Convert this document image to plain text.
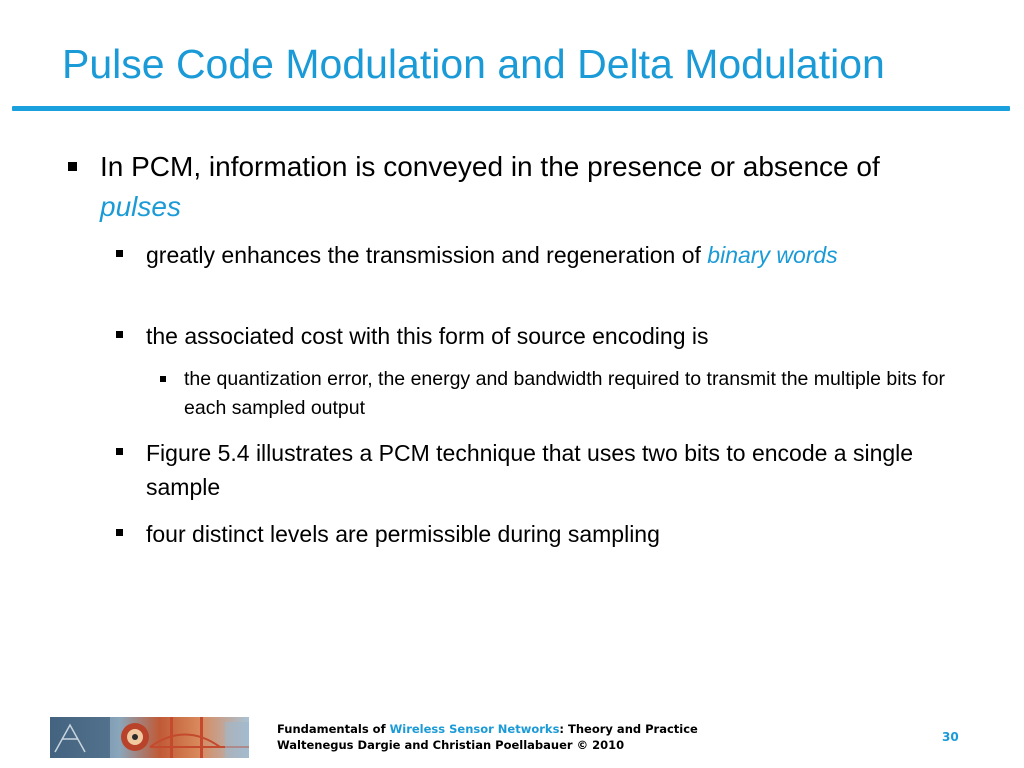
Pulse Code Modulation and Delta Modulation
In PCM, information is conveyed in the presence or absence of pulses
greatly enhances the transmission and regeneration of binary words
the associated cost with this form of source encoding is
the quantization error, the energy and bandwidth required to transmit the multiple bits for each sampled output
Figure 5.4 illustrates a PCM technique that uses two bits to encode a single sample
four distinct levels are permissible during sampling
Fundamentals of Wireless Sensor Networks: Theory and Practice
Waltenegus Dargie and Christian Poellabauer © 2010
30
